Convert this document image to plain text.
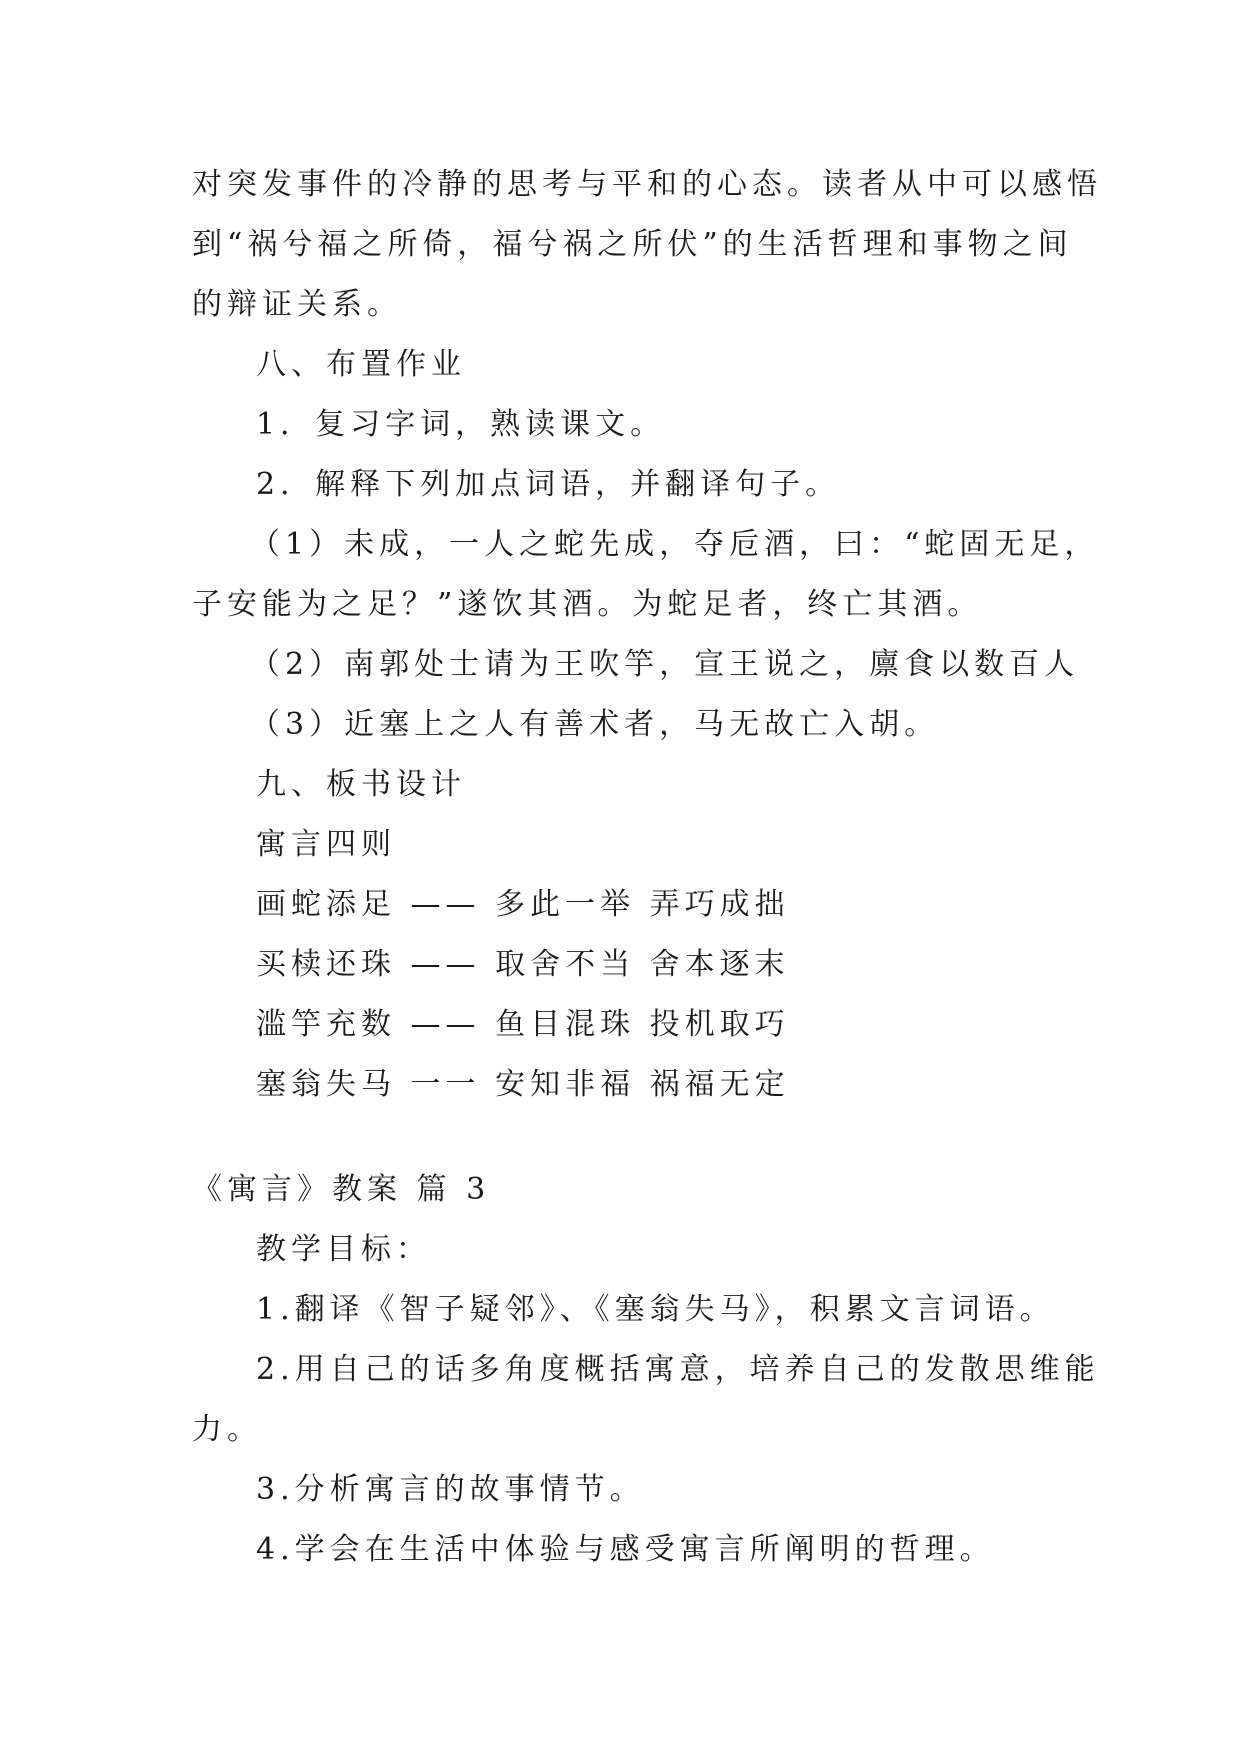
对突发事件的冷静的思考与平和的心态。读者从中可以感悟
到“祸兮福之所倚，福兮祸之所伏”的生活哲理和事物之间
的辩证关系。
八、布置作业
1．复习字词，熟读课文。
2．解释下列加点词语，并翻译句子。
（1）未成，一人之蛇先成，夺卮酒，曰：“蛇固无足，
子安能为之足？”遂饮其酒。为蛇足者，终亡其酒。
（2）南郭处士请为王吹竽，宣王说之，廪食以数百人
（3）近塞上之人有善术者，马无故亡入胡。
九、板书设计
寓言四则
画蛇添足 —— 多此一举 弄巧成拙
买椟还珠 —— 取舍不当 舍本逐末
滥竽充数 —— 鱼目混珠 投机取巧
塞翁失马 一一 安知非福 祸福无定
《寓言》教案 篇 3
教学目标：
1.翻译《智子疑邻》、《塞翁失马》，积累文言词语。
2.用自己的话多角度概括寓意，培养自己的发散思维能
力。
3.分析寓言的故事情节。
4.学会在生活中体验与感受寓言所阐明的哲理。
